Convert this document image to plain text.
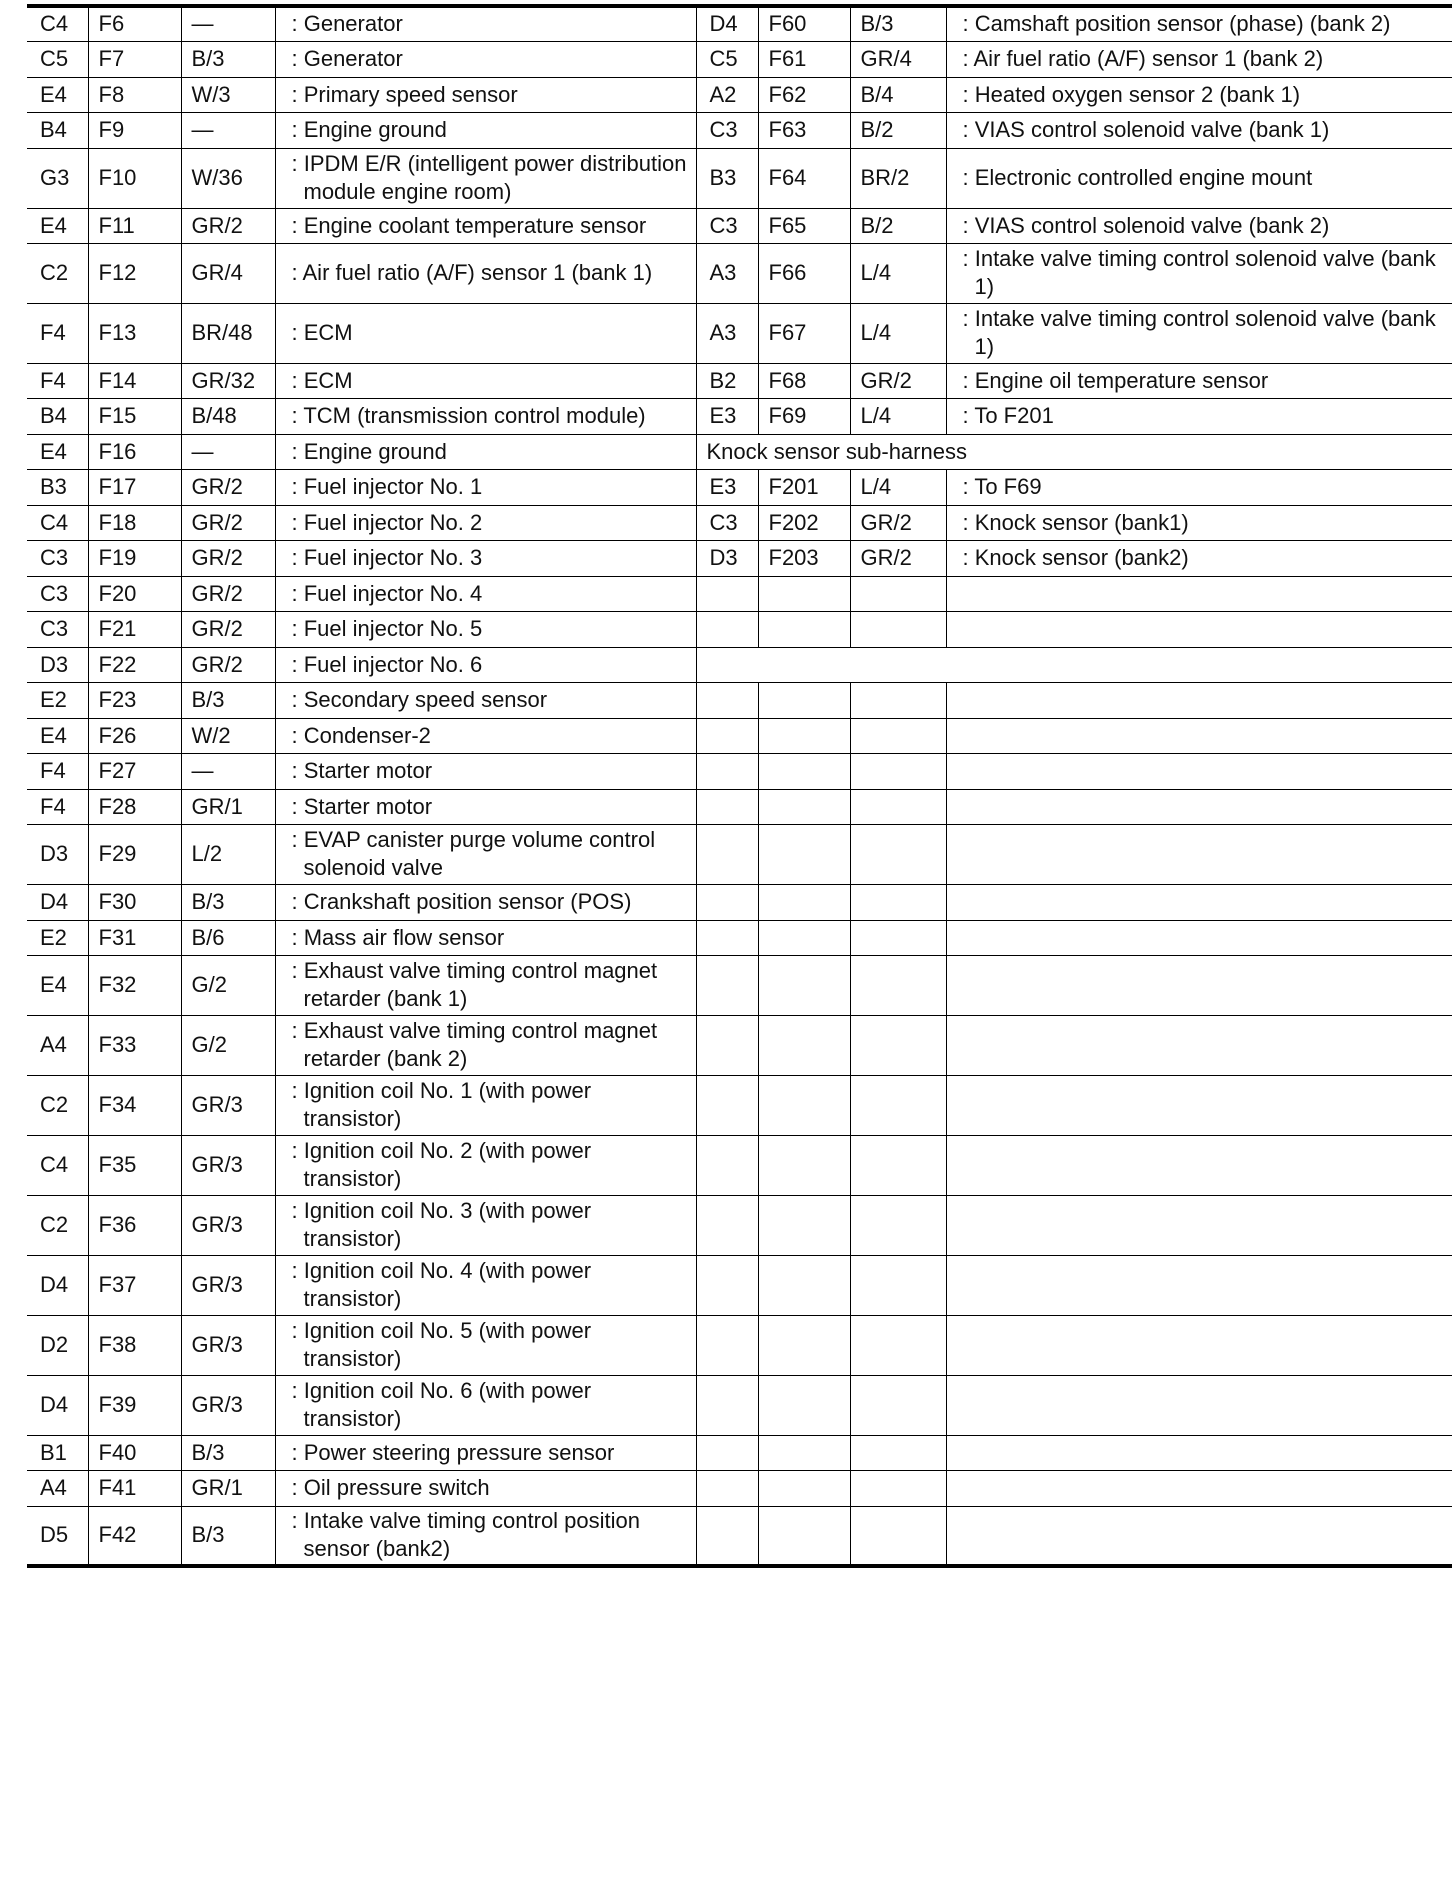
C4	F6	—	: Generator	D4	F60	B/3	: Camshaft position sensor (phase) (bank 2)

C5	F7	B/3	: Generator	C5	F61	GR/4	: Air fuel ratio (A/F) sensor 1 (bank 2)

E4	F8	W/3	: Primary speed sensor	A2	F62	B/4	: Heated oxygen sensor 2 (bank 1)

B4	F9	—	: Engine ground	C3	F63	B/2	: VIAS control solenoid valve (bank 1)

G3	F10	W/36	: IPDM E/R (intelligent power distribution module engine room)	B3	F64	BR/2	: Electronic controlled engine mount

E4	F11	GR/2	: Engine coolant temperature sensor	C3	F65	B/2	: VIAS control solenoid valve (bank 2)

C2	F12	GR/4	: Air fuel ratio (A/F) sensor 1 (bank 1)	A3	F66	L/4	: Intake valve timing control solenoid valve (bank 1)

F4	F13	BR/48	: ECM	A3	F67	L/4	: Intake valve timing control solenoid valve (bank 1)

F4	F14	GR/32	: ECM	B2	F68	GR/2	: Engine oil temperature sensor

B4	F15	B/48	: TCM (transmission control module)	E3	F69	L/4	: To F201

E4	F16	—	: Engine ground	Knock sensor sub-harness			
B3	F17	GR/2	: Fuel injector No. 1	E3	F201	L/4	: To F69

C4	F18	GR/2	: Fuel injector No. 2	C3	F202	GR/2	: Knock sensor (bank1)

C3	F19	GR/2	: Fuel injector No. 3	D3	F203	GR/2	: Knock sensor (bank2)

C3	F20	GR/2	: Fuel injector No. 4				

C3	F21	GR/2	: Fuel injector No. 5				

D3	F22	GR/2	: Fuel injector No. 6				

E2	F23	B/3	: Secondary speed sensor				

E4	F26	W/2	: Condenser-2				

F4	F27	—	: Starter motor				

F4	F28	GR/1	: Starter motor				

D3	F29	L/2	: EVAP canister purge volume control solenoid valve				

D4	F30	B/3	: Crankshaft position sensor (POS)				

E2	F31	B/6	: Mass air flow sensor				

E4	F32	G/2	: Exhaust valve timing control magnet retarder (bank 1)				

A4	F33	G/2	: Exhaust valve timing control magnet retarder (bank 2)				

C2	F34	GR/3	: Ignition coil No. 1 (with power transistor)				

C4	F35	GR/3	: Ignition coil No. 2 (with power transistor)				

C2	F36	GR/3	: Ignition coil No. 3 (with power transistor)				

D4	F37	GR/3	: Ignition coil No. 4 (with power transistor)				

D2	F38	GR/3	: Ignition coil No. 5 (with power transistor)				

D4	F39	GR/3	: Ignition coil No. 6 (with power transistor)				

B1	F40	B/3	: Power steering pressure sensor				

A4	F41	GR/1	: Oil pressure switch				

D5	F42	B/3	: Intake valve timing control position sensor (bank2)				
